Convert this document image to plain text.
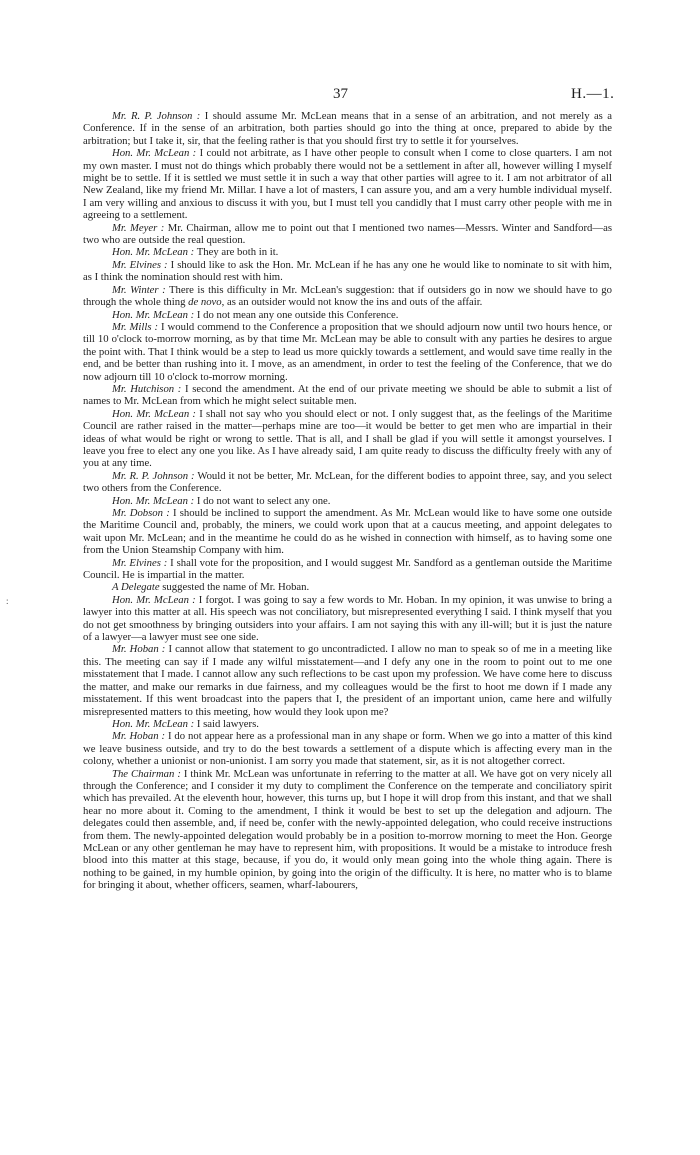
37	H.—1.
:

Mr. R. P. Johnson : I should assume Mr. McLean means that in a sense of an arbitration, and not merely as a Conference. If in the sense of an arbitration, both parties should go into the thing at once, prepared to abide by the arbitration; but I take it, sir, that the feeling rather is that you should first try to settle it for yourselves.

Hon. Mr. McLean : I could not arbitrate, as I have other people to consult when I come to close quarters. I am not my own master. I must not do things which probably there would not be a settlement in after all, however willing I myself might be to settle. If it is settled we must settle it in such a way that other parties will agree to it. I am not arbitrator of all New Zealand, like my friend Mr. Millar. I have a lot of masters, I can assure you, and am a very humble individual myself. I am very willing and anxious to discuss it with you, but I must tell you candidly that I must carry other people with me in agreeing to a settlement.

Mr. Meyer : Mr. Chairman, allow me to point out that I mentioned two names—Messrs. Winter and Sandford—as two who are outside the real question.

Hon. Mr. McLean : They are both in it.

Mr. Elvines : I should like to ask the Hon. Mr. McLean if he has any one he would like to nominate to sit with him, as I think the nomination should rest with him.

Mr. Winter : There is this difficulty in Mr. McLean's suggestion: that if outsiders go in now we should have to go through the whole thing de novo, as an outsider would not know the ins and outs of the affair.

Hon. Mr. McLean : I do not mean any one outside this Conference.

Mr. Mills : I would commend to the Conference a proposition that we should adjourn now until two hours hence, or till 10 o'clock to-morrow morning, as by that time Mr. McLean may be able to consult with any parties he desires to argue the point with. That I think would be a step to lead us more quickly towards a settlement, and would save time really in the end, and be better than rushing into it. I move, as an amendment, in order to test the feeling of the Conference, that we do now adjourn till 10 o'clock to-morrow morning.

Mr. Hutchison : I second the amendment. At the end of our private meeting we should be able to submit a list of names to Mr. McLean from which he might select suitable men.

Hon. Mr. McLean : I shall not say who you should elect or not. I only suggest that, as the feelings of the Maritime Council are rather raised in the matter—perhaps mine are too—it would be better to get men who are impartial in their ideas of what would be right or wrong to settle. That is all, and I shall be glad if you will settle it amongst yourselves. I leave you free to elect any one you like. As I have already said, I am quite ready to discuss the difficulty freely with any of you at any time.

Mr. R. P. Johnson : Would it not be better, Mr. McLean, for the different bodies to appoint three, say, and you select two others from the Conference.

Hon. Mr. McLean : I do not want to select any one.

Mr. Dobson : I should be inclined to support the amendment. As Mr. McLean would like to have some one outside the Maritime Council and, probably, the miners, we could work upon that at a caucus meeting, and appoint delegates to wait upon Mr. McLean; and in the meantime he could do as he wished in connection with himself, as to having some one from the Union Steamship Company with him.

Mr. Elvines : I shall vote for the proposition, and I would suggest Mr. Sandford as a gentleman outside the Maritime Council. He is impartial in the matter.

A Delegate suggested the name of Mr. Hoban.

Hon. Mr. McLean : I forgot. I was going to say a few words to Mr. Hoban. In my opinion, it was unwise to bring a lawyer into this matter at all. His speech was not conciliatory, but misrepresented everything I said. I think myself that you do not get smoothness by bringing outsiders into your affairs. I am not saying this with any ill-will; but it is just the nature of a lawyer—a lawyer must see one side.

Mr. Hoban : I cannot allow that statement to go uncontradicted. I allow no man to speak so of me in a meeting like this. The meeting can say if I made any wilful misstatement—and I defy any one in the room to point out to me one misstatement that I made. I cannot allow any such reflections to be cast upon my profession. We have come here to discuss the matter, and make our remarks in due fairness, and my colleagues would be the first to hoot me down if I made any misstatement. If this went broadcast into the papers that I, the president of an important union, came here and wilfully misrepresented matters to this meeting, how would they look upon me?

Hon. Mr. McLean : I said lawyers.

Mr. Hoban : I do not appear here as a professional man in any shape or form. When we go into a matter of this kind we leave business outside, and try to do the best towards a settlement of a dispute which is affecting every man in the colony, whether a unionist or non-unionist. I am sorry you made that statement, sir, as it is not altogether correct.

The Chairman : I think Mr. McLean was unfortunate in referring to the matter at all. We have got on very nicely all through the Conference; and I consider it my duty to compliment the Conference on the temperate and conciliatory spirit which has prevailed. At the eleventh hour, however, this turns up, but I hope it will drop from this instant, and that we shall hear no more about it. Coming to the amendment, I think it would be best to set up the delegation and adjourn. The delegates could then assemble, and, if need be, confer with the newly-appointed delegation, who could receive instructions from them. The newly-appointed delegation would probably be in a position to-morrow morning to meet the Hon. George McLean or any other gentleman he may have to represent him, with propositions. It would be a mistake to introduce fresh blood into this matter at this stage, because, if you do, it would only mean going into the whole thing again. There is nothing to be gained, in my humble opinion, by going into the origin of the difficulty. It is here, no matter who is to blame for bringing it about, whether officers, seamen, wharf-labourers,
